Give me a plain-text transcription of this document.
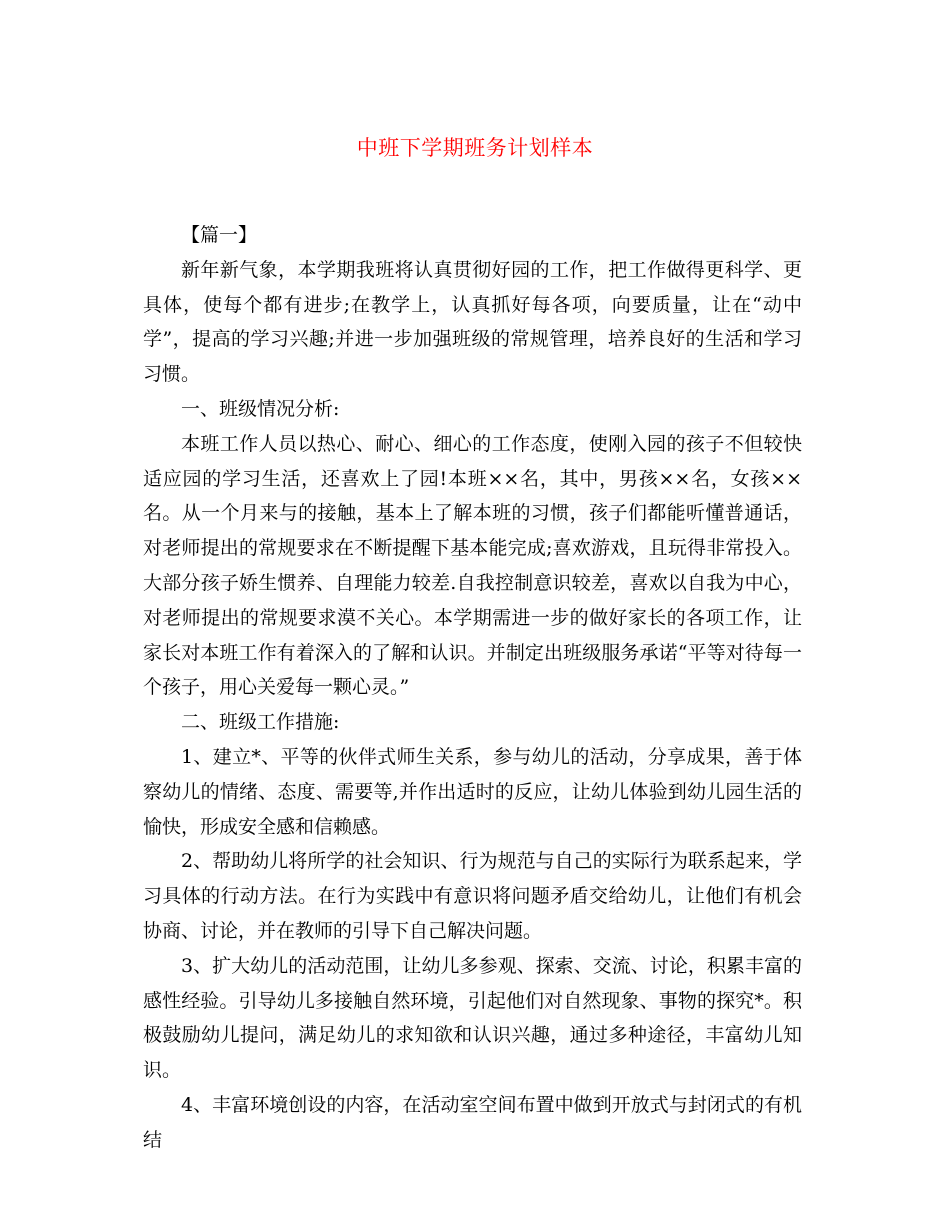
中班下学期班务计划样本

【篇一】

新年新气象，本学期我班将认真贯彻好园的工作，把工作做得更科学、更具体，使每个都有进步;在教学上，认真抓好每各项，向要质量，让在“动中学”，提高的学习兴趣;并进一步加强班级的常规管理，培养良好的生活和学习习惯。

一、班级情况分析:

本班工作人员以热心、耐心、细心的工作态度，使刚入园的孩子不但较快适应园的学习生活，还喜欢上了园!本班××名，其中，男孩××名，女孩××名。从一个月来与的接触，基本上了解本班的习惯，孩子们都能听懂普通话，对老师提出的常规要求在不断提醒下基本能完成;喜欢游戏，且玩得非常投入。大部分孩子娇生惯养、自理能力较差.自我控制意识较差，喜欢以自我为中心，对老师提出的常规要求漠不关心。本学期需进一步的做好家长的各项工作，让家长对本班工作有着深入的了解和认识。并制定出班级服务承诺“平等对待每一个孩子，用心关爱每一颗心灵。”

二、班级工作措施:

1、建立*、平等的伙伴式师生关系，参与幼儿的活动，分享成果，善于体察幼儿的情绪、态度、需要等,并作出适时的反应，让幼儿体验到幼儿园生活的愉快，形成安全感和信赖感。

2、帮助幼儿将所学的社会知识、行为规范与自己的实际行为联系起来，学习具体的行动方法。在行为实践中有意识将问题矛盾交给幼儿，让他们有机会协商、讨论，并在教师的引导下自己解决问题。

3、扩大幼儿的活动范围，让幼儿多参观、探索、交流、讨论，积累丰富的感性经验。引导幼儿多接触自然环境，引起他们对自然现象、事物的探究*。积极鼓励幼儿提问，满足幼儿的求知欲和认识兴趣，通过多种途径，丰富幼儿知识。

4、丰富环境创设的内容，在活动室空间布置中做到开放式与封闭式的有机结
